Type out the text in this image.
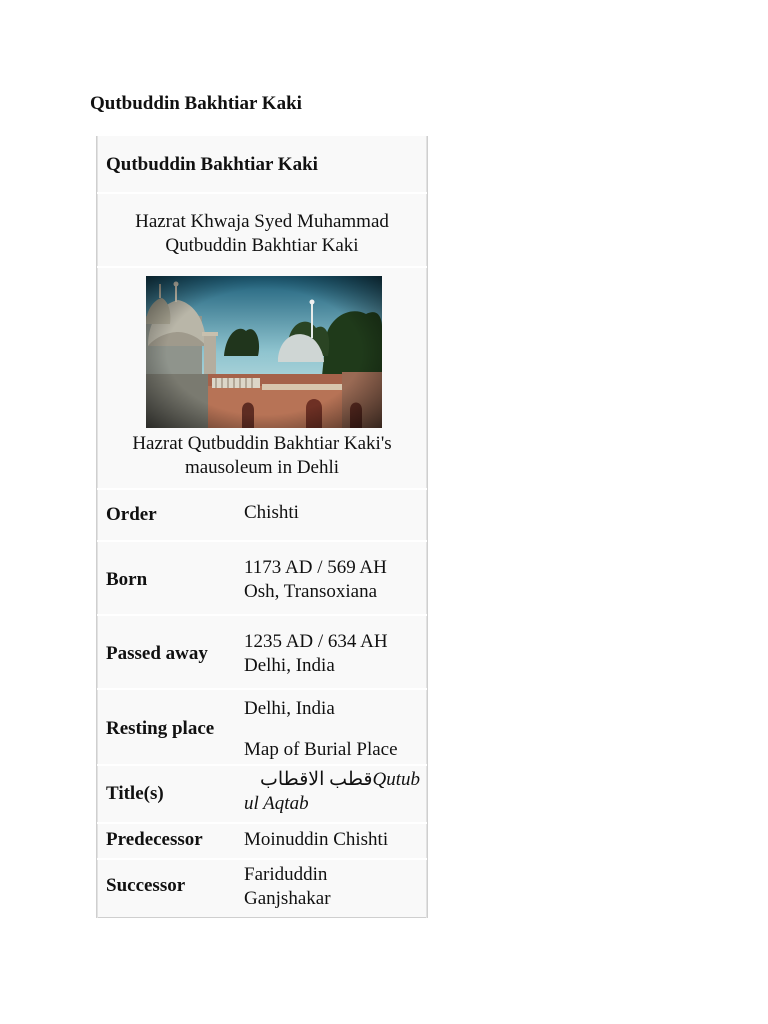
Qutbuddin Bakhtiar Kaki
Qutbuddin Bakhtiar Kaki
Hazrat Khwaja Syed Muhammad
Qutbuddin Bakhtiar Kaki
Hazrat Qutbuddin Bakhtiar Kaki's
mausoleum in Dehli
Order	Chishti
Born
1173 AD / 569 AH
Osh, Transoxiana
Passed away
1235 AD / 634 AH
Delhi, India
Resting place
Delhi, India
Map of Burial Place
Title(s)
قطب الاقطابQutub
ul Aqtab
Predecessor Moinuddin Chishti
Successor
Fariduddin
Ganjshakar
